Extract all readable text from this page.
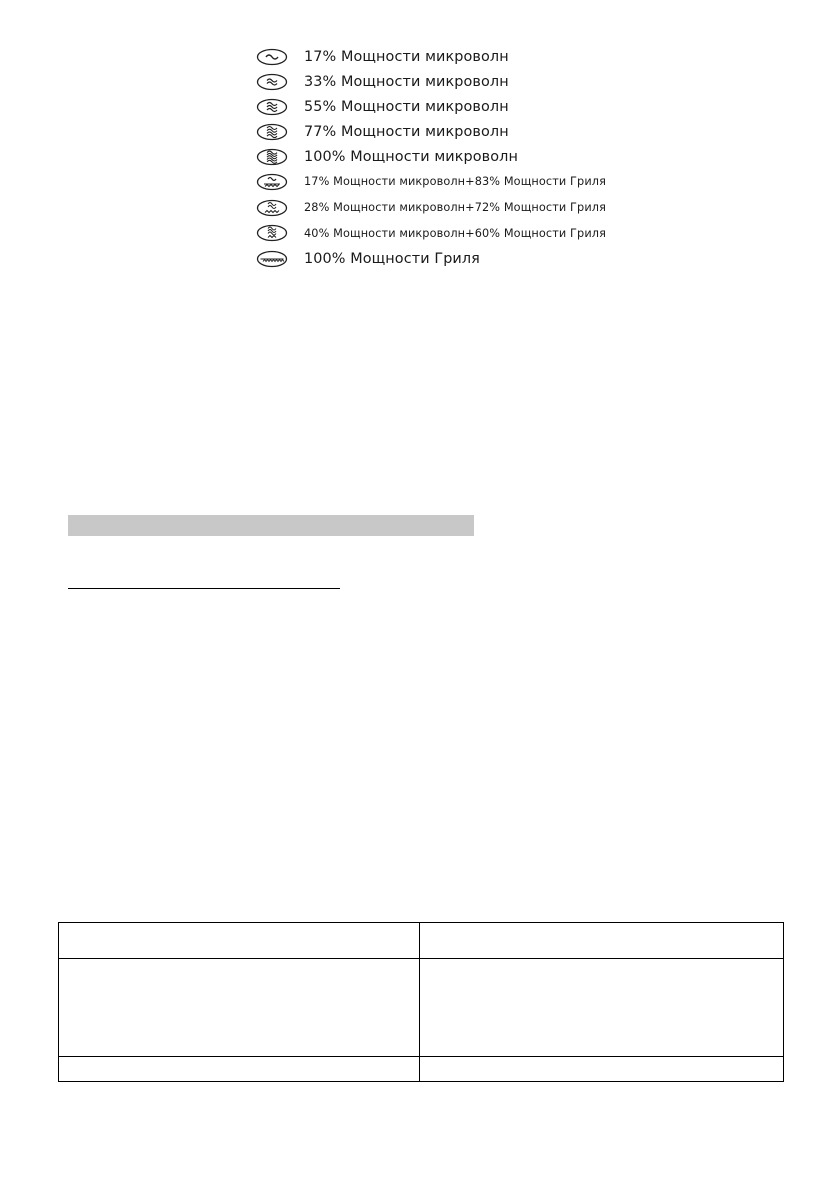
17% Мощности микроволн
33% Мощности микроволн
55% Мощности микроволн
77% Мощности микроволн
100% Мощности микроволн
17% Мощности микроволн+83% Мощности Гриля
28% Мощности микроволн+72% Мощности Гриля
40% Мощности микроволн+60% Мощности Гриля
100% Мощности Гриля
